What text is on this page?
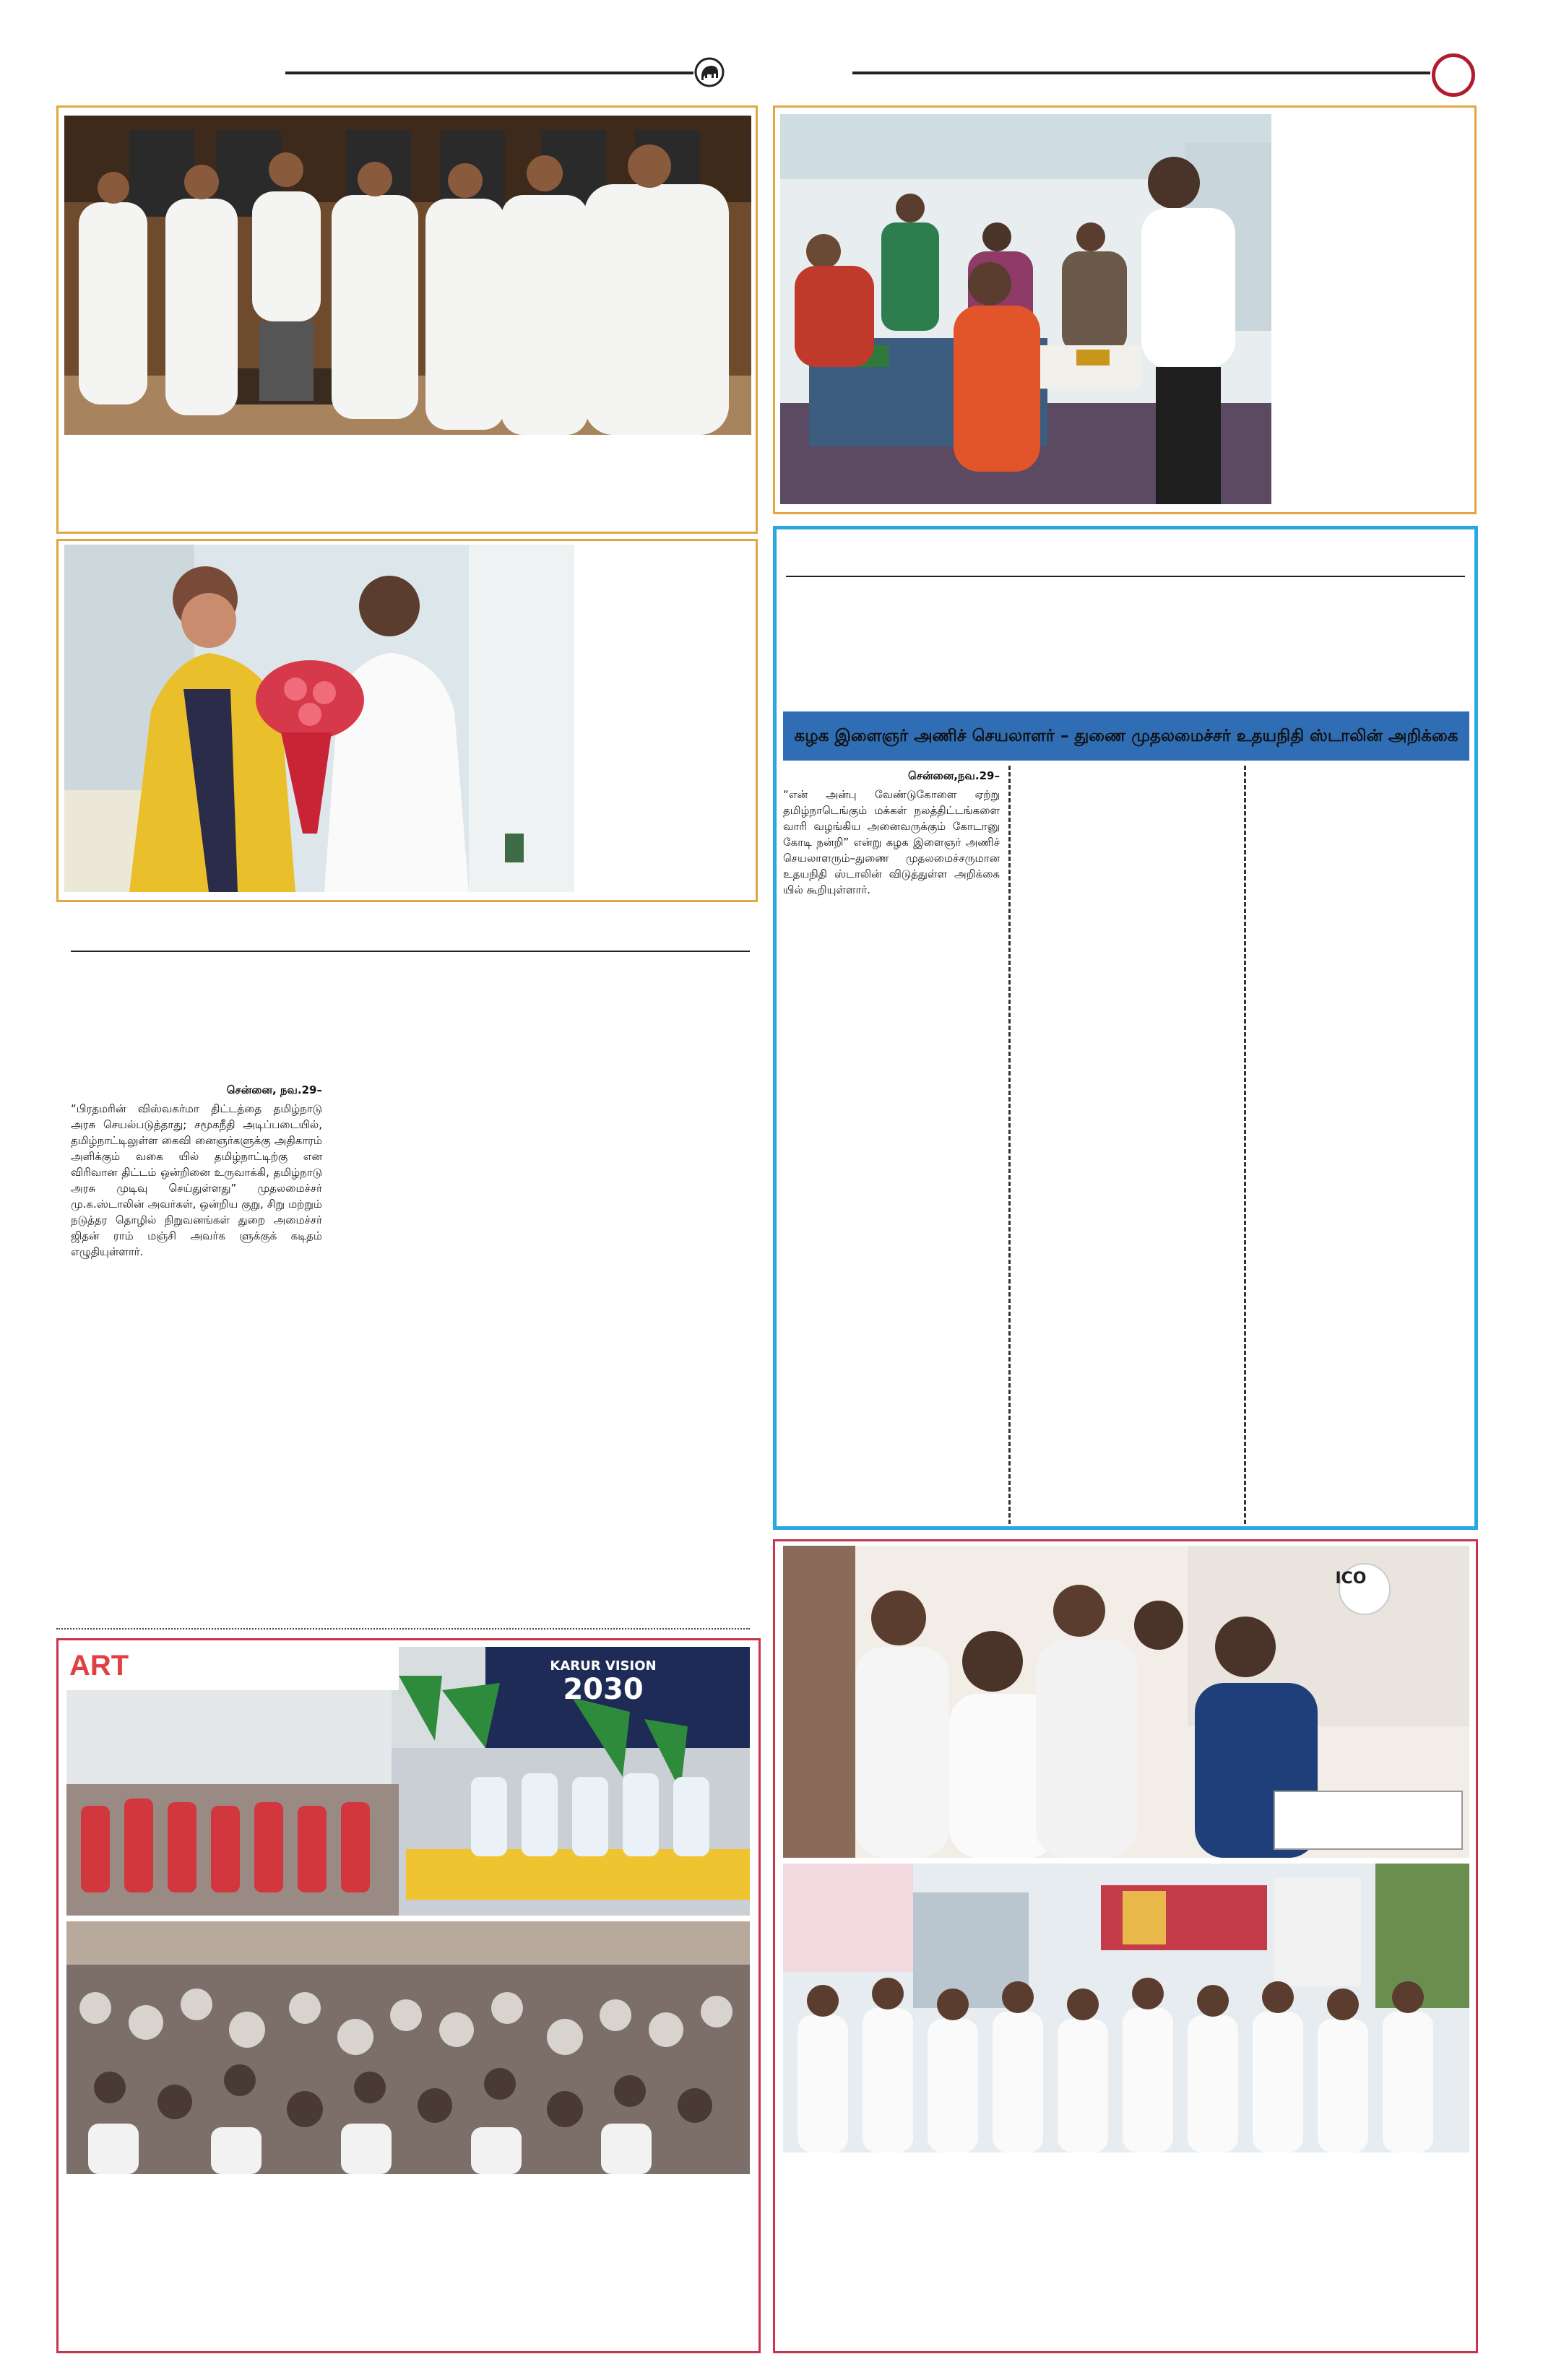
சென்னை, நவ.29–
“பிரதமரின் விஸ்வகர்மா திட்டத்தை தமிழ்நாடு அரசு செயல்படுத்தாது; சமூகநீதி அடிப்படையில், தமிழ்நாட்டிலுள்ள கைவி னைஞர்களுக்கு அதிகாரம் அளிக்கும் வகை யில் தமிழ்நாட்டிற்கு என விரிவான திட்டம் ஒன்றினை உருவாக்கி, தமிழ்நாடு அரசு முடிவு செய்துள்ளது” முதலமைச்சர் மு.க.ஸ்டாலின் அவர்கள், ஒன்றிய குறு, சிறு மற்றும் நடுத்தர தொழில் நிறுவனங்கள் துறை அமைச்சர் ஜிதன் ராம் மஞ்சி அவர்க ளுக்குக் கடிதம் எழுதியுள்ளார்.
கழக இளைஞர் அணிச் செயலாளர் – துணை முதலமைச்சர் உதயநிதி ஸ்டாலின் அறிக்கை
சென்னை,நவ.29–
“என் அன்பு வேண்டுகோளை ஏற்று தமிழ்நாடெங்கும் மக்கள் நலத்திட்டங்களை வாரி வழங்கிய அனைவருக்கும் கோடானு கோடி நன்றி” என்று கழக இளைஞர் அணிச் செயலாளரும்–துணை முதலமைச்சருமான உதயநிதி ஸ்டாலின் விடுத்துள்ள அறிக்கை யில் கூறியுள்ளார்.
ART	KARUR VISION
2030
ICO
